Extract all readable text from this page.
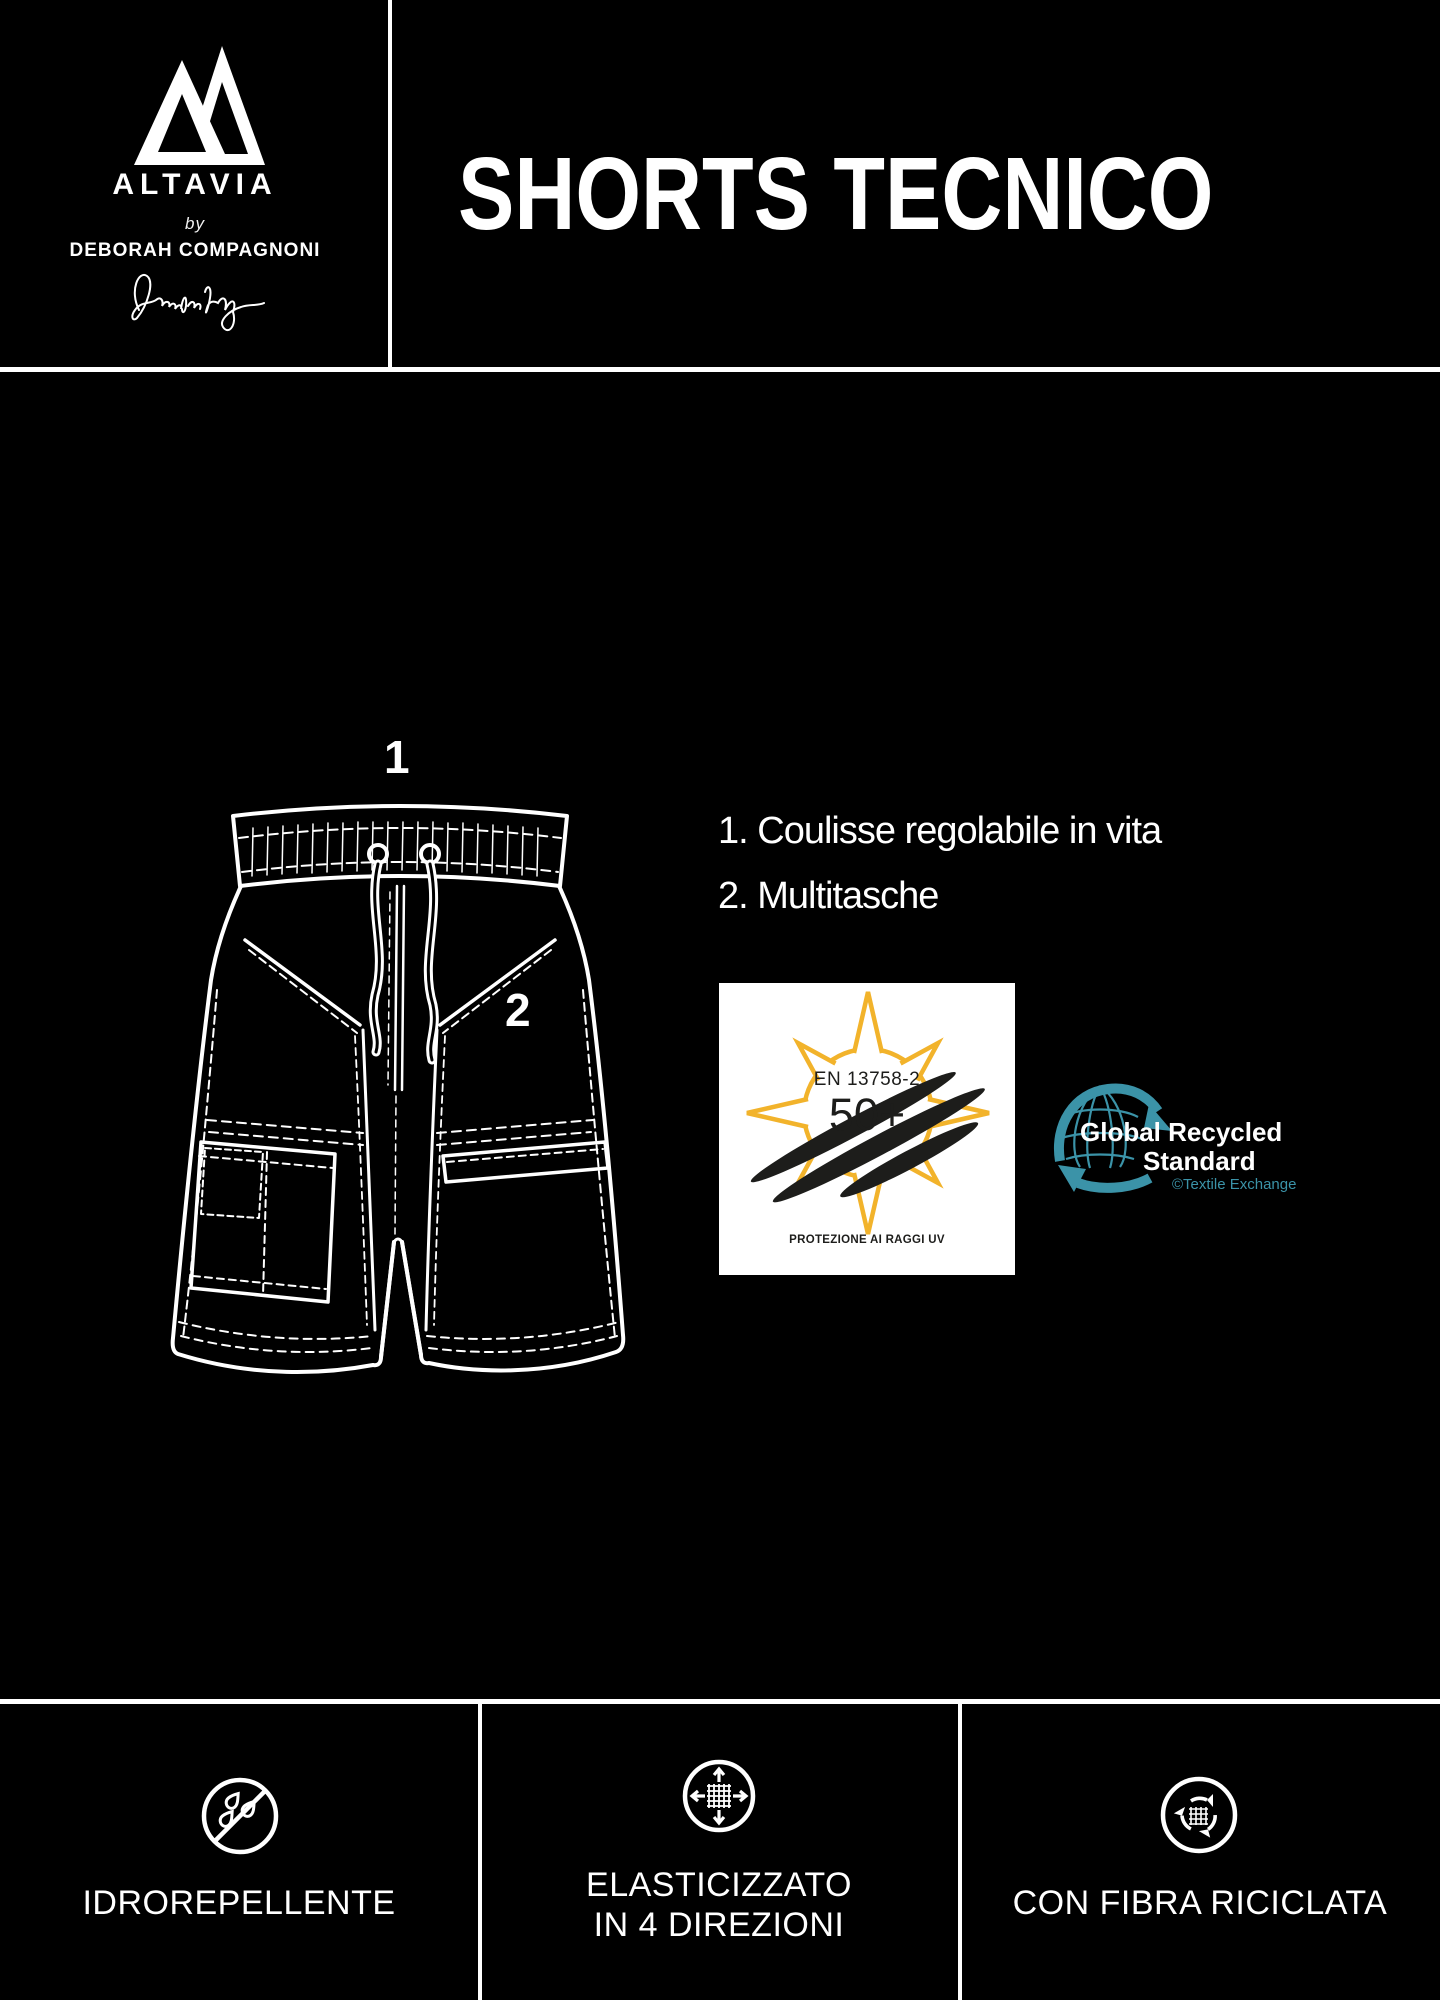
ALTAVIA
by
DEBORAH COMPAGNONI	SHORTS TECNICO
1
2
1. Coulisse regolabile in vita
2. Multitasche
EN 13758-2
50+
PROTEZIONE AI RAGGI UV
Global Recycled
Standard
©Textile Exchange
IDROREPELLENTE	ELASTICIZZATO
IN 4 DIREZIONI
CON FIBRA RICICLATA
